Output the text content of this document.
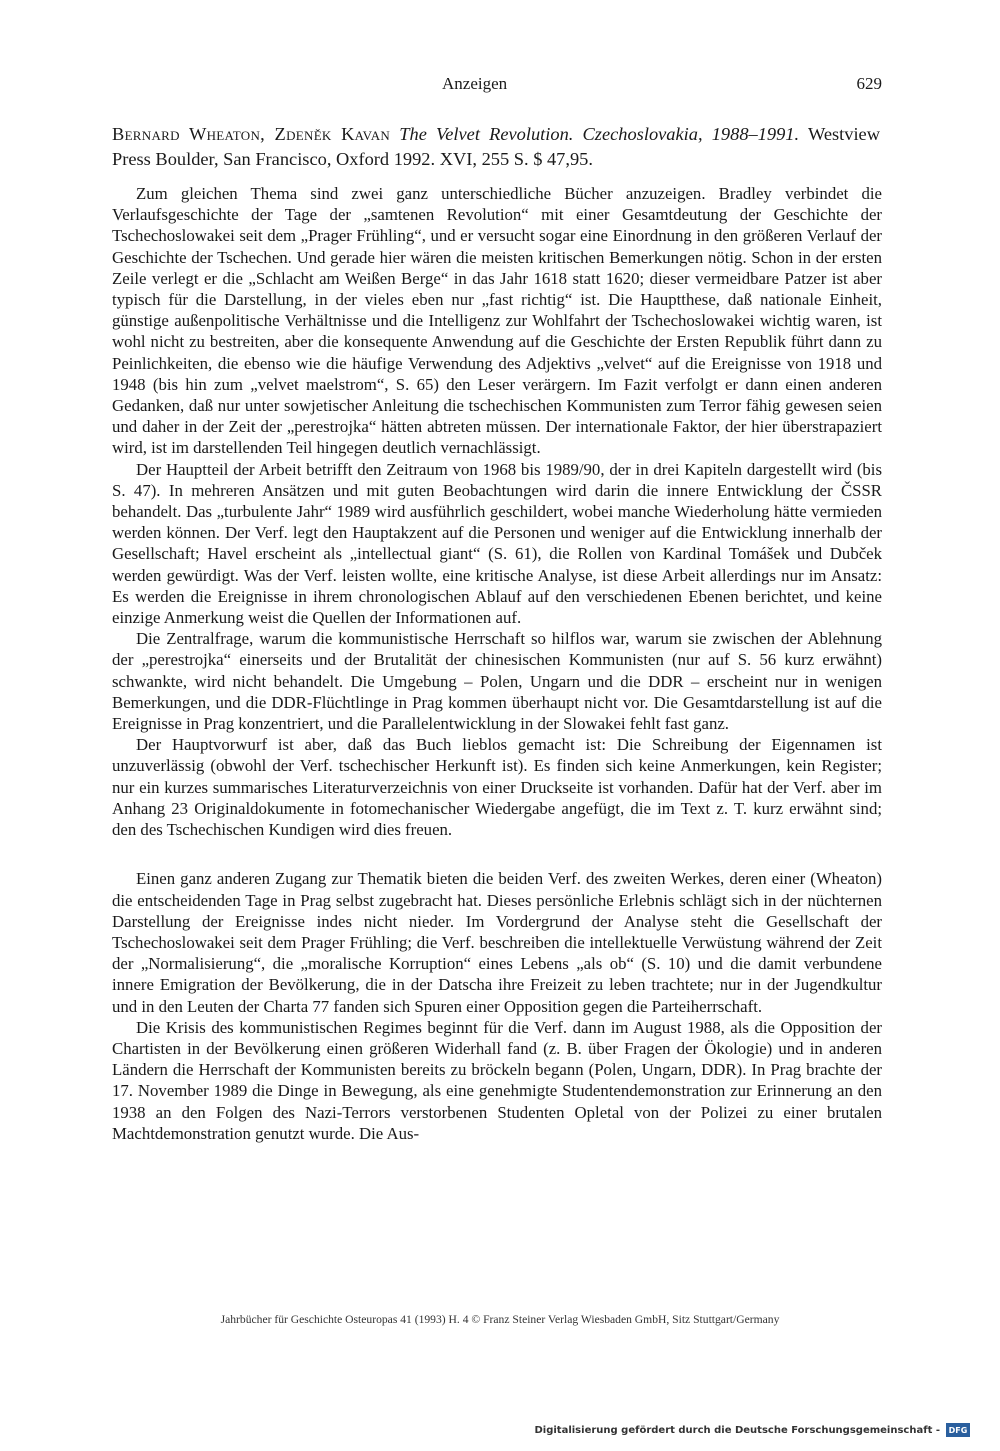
Anzeigen	629
Bernard Wheaton, Zdeněk Kavan The Velvet Revolution. Czechoslovakia, 1988–1991. Westview Press Boulder, San Francisco, Oxford 1992. XVI, 255 S. $ 47,95.

Zum gleichen Thema sind zwei ganz unterschiedliche Bücher anzuzeigen. Bradley verbindet die Verlaufsgeschichte der Tage der „samtenen Revolution“ mit einer Gesamtdeutung der Geschichte der Tschechoslowakei seit dem „Prager Frühling“, und er versucht sogar eine Einordnung in den größeren Verlauf der Geschichte der Tschechen. Und gerade hier wären die meisten kritischen Bemerkungen nötig. Schon in der ersten Zeile verlegt er die „Schlacht am Weißen Berge“ in das Jahr 1618 statt 1620; dieser vermeidbare Patzer ist aber typisch für die Darstellung, in der vieles eben nur „fast richtig“ ist. Die Hauptthese, daß nationale Einheit, günstige außenpolitische Verhältnisse und die Intelligenz zur Wohlfahrt der Tschechoslowakei wichtig waren, ist wohl nicht zu bestreiten, aber die konsequente Anwendung auf die Geschichte der Ersten Republik führt dann zu Peinlichkeiten, die ebenso wie die häufige Verwendung des Adjektivs „velvet“ auf die Ereignisse von 1918 und 1948 (bis hin zum „velvet maelstrom“, S. 65) den Leser verärgern. Im Fazit verfolgt er dann einen anderen Gedanken, daß nur unter sowjetischer Anleitung die tschechischen Kommunisten zum Terror fähig gewesen seien und daher in der Zeit der „perestrojka“ hätten abtreten müssen. Der internationale Faktor, der hier überstrapaziert wird, ist im darstellenden Teil hingegen deutlich vernachlässigt.

Der Hauptteil der Arbeit betrifft den Zeitraum von 1968 bis 1989/90, der in drei Kapiteln dargestellt wird (bis S. 47). In mehreren Ansätzen und mit guten Beobachtungen wird darin die innere Entwicklung der ČSSR behandelt. Das „turbulente Jahr“ 1989 wird ausführlich geschildert, wobei manche Wiederholung hätte vermieden werden können. Der Verf. legt den Hauptakzent auf die Personen und weniger auf die Entwicklung innerhalb der Gesellschaft; Havel erscheint als „intellectual giant“ (S. 61), die Rollen von Kardinal Tomášek und Dubček werden gewürdigt. Was der Verf. leisten wollte, eine kritische Analyse, ist diese Arbeit allerdings nur im Ansatz: Es werden die Ereignisse in ihrem chronologischen Ablauf auf den verschiedenen Ebenen berichtet, und keine einzige Anmerkung weist die Quellen der Informationen auf.

Die Zentralfrage, warum die kommunistische Herrschaft so hilflos war, warum sie zwischen der Ablehnung der „perestrojka“ einerseits und der Brutalität der chinesischen Kommunisten (nur auf S. 56 kurz erwähnt) schwankte, wird nicht behandelt. Die Umgebung – Polen, Ungarn und die DDR – erscheint nur in wenigen Bemerkungen, und die DDR-Flüchtlinge in Prag kommen überhaupt nicht vor. Die Gesamtdarstellung ist auf die Ereignisse in Prag konzentriert, und die Parallelentwicklung in der Slowakei fehlt fast ganz.

Der Hauptvorwurf ist aber, daß das Buch lieblos gemacht ist: Die Schreibung der Eigennamen ist unzuverlässig (obwohl der Verf. tschechischer Herkunft ist). Es finden sich keine Anmerkungen, kein Register; nur ein kurzes summarisches Literaturverzeichnis von einer Druckseite ist vorhanden. Dafür hat der Verf. aber im Anhang 23 Originaldokumente in fotomechanischer Wiedergabe angefügt, die im Text z. T. kurz erwähnt sind; den des Tschechischen Kundigen wird dies freuen.

Einen ganz anderen Zugang zur Thematik bieten die beiden Verf. des zweiten Werkes, deren einer (Wheaton) die entscheidenden Tage in Prag selbst zugebracht hat. Dieses persönliche Erlebnis schlägt sich in der nüchternen Darstellung der Ereignisse indes nicht nieder. Im Vordergrund der Analyse steht die Gesellschaft der Tschechoslowakei seit dem Prager Frühling; die Verf. beschreiben die intellektuelle Verwüstung während der Zeit der „Normalisierung“, die „moralische Korruption“ eines Lebens „als ob“ (S. 10) und die damit verbundene innere Emigration der Bevölkerung, die in der Datscha ihre Freizeit zu leben trachtete; nur in der Jugendkultur und in den Leuten der Charta 77 fanden sich Spuren einer Opposition gegen die Parteiherrschaft.

Die Krisis des kommunistischen Regimes beginnt für die Verf. dann im August 1988, als die Opposition der Chartisten in der Bevölkerung einen größeren Widerhall fand (z. B. über Fragen der Ökologie) und in anderen Ländern die Herrschaft der Kommunisten bereits zu bröckeln begann (Polen, Ungarn, DDR). In Prag brachte der 17. November 1989 die Dinge in Bewegung, als eine genehmigte Studentendemonstration zur Erinnerung an den 1938 an den Folgen des Nazi-Terrors verstorbenen Studenten Opletal von der Polizei zu einer brutalen Machtdemonstration genutzt wurde. Die Aus-

Jahrbücher für Geschichte Osteuropas 41 (1993) H. 4 © Franz Steiner Verlag Wiesbaden GmbH, Sitz Stuttgart/Germany
Digitalisierung gefördert durch die Deutsche Forschungsgemeinschaft -	DFG
